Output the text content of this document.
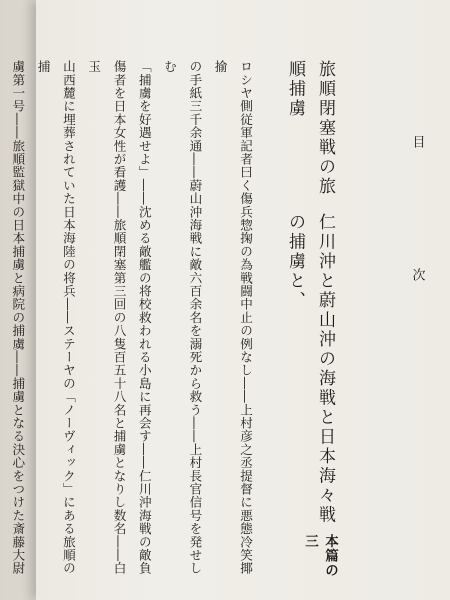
目
次
本篇の三
仁川沖と蔚山沖の海戦と日本海々戦の捕虜と、
旅順閉塞戦の旅順捕虜
ロシヤ側従軍記者曰く傷兵惣掬の為戦闘中止の例なし――上村彦之丞提督に悪態冷笑揶揄
の手紙三千余通――蔚山沖海戦に敵六百余名を溺死から救う――上村長官信号を発せしむ
「捕虜を好遇せよ」――沈める敵艦の将校救われる小島に再会す――仁川沖海戦の敵負
傷者を日本女性が看護――旅順閉塞第三回の八隻百五十八名と捕虜となりし数名――白玉
山西麓に埋葬されていた日本海陸の将兵――ステーヤの「ノーヴィック」にある旅順の捕
虜第一号――旅順監獄中の日本捕虜と病院の捕虜――捕虜となる決心をつけた斎藤大尉
